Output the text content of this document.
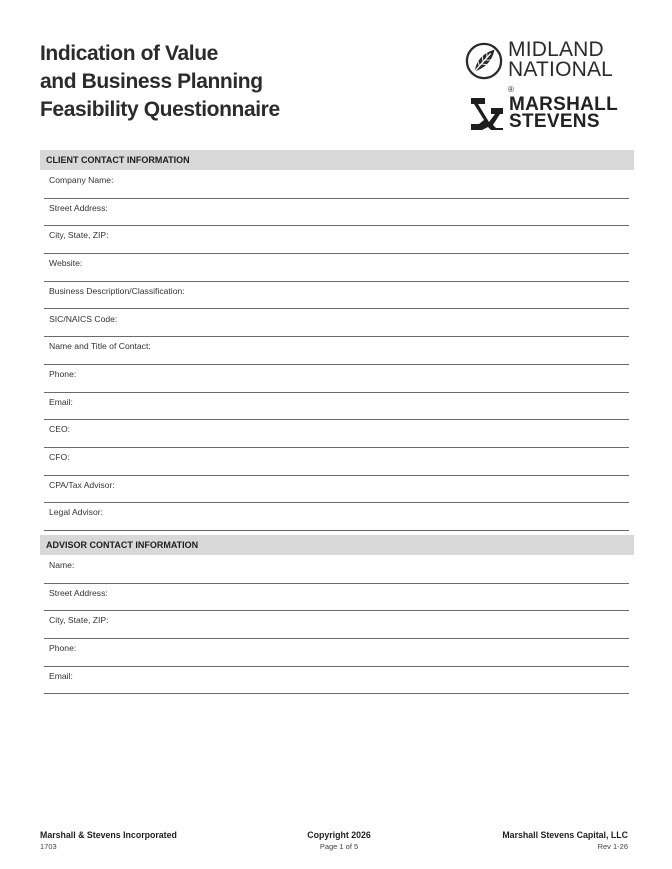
Indication of Value
and Business Planning
Feasibility Questionnaire
MIDLAND
NATIONAL
®
MARSHALL
STEVENS
CLIENT CONTACT INFORMATION
Company Name:
Street Address:
City, State, ZIP:
Website:
Business Description/Classification:
SIC/NAICS Code:
Name and Title of Contact:
Phone:
Email:
CEO:
CFO:
CPA/Tax Advisor:
Legal Advisor:
ADVISOR CONTACT INFORMATION
Name:
Street Address:
City, State, ZIP:
Phone:
Email:
Marshall & Stevens Incorporated
1703
Copyright 2026
Page 1 of 5
Marshall Stevens Capital, LLC
Rev 1-26
